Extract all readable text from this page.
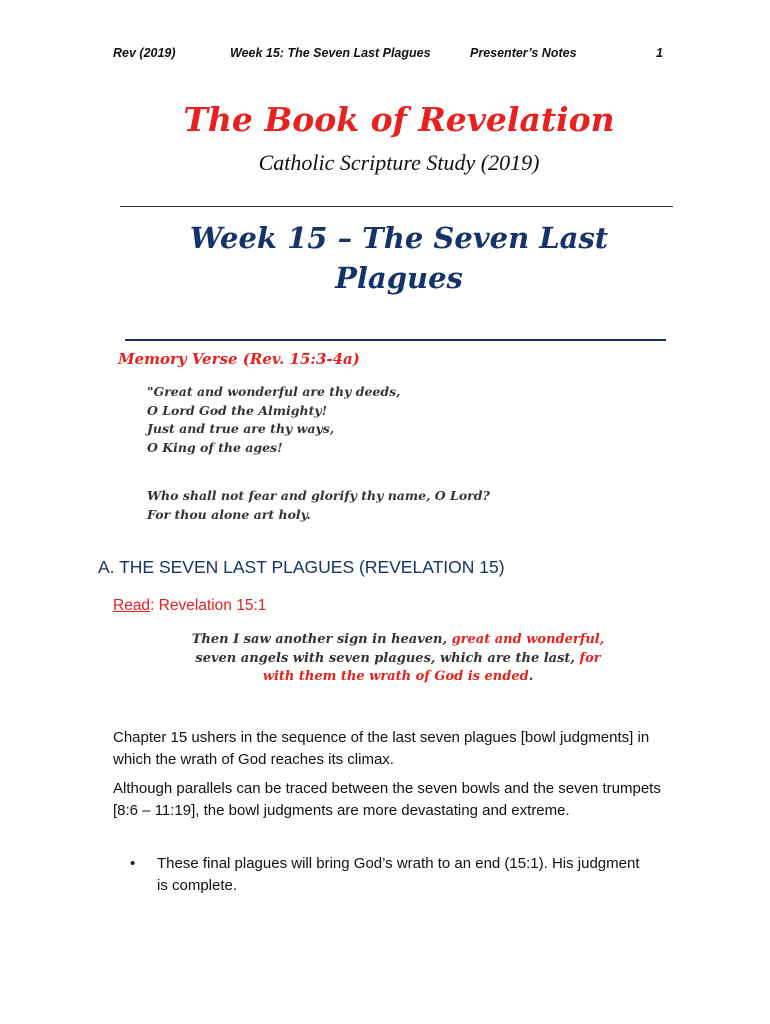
Rev (2019)	Week 15: The Seven Last Plagues	Presenter’s Notes	1
The Book of Revelation
Catholic Scripture Study (2019)
Week 15 – The Seven Last
Plagues
Memory Verse (Rev. 15:3-4a)
"Great and wonderful are thy deeds,
O Lord God the Almighty!
Just and true are thy ways,
O King of the ages!
Who shall not fear and glorify thy name, O Lord?
For thou alone art holy.
A. THE SEVEN LAST PLAGUES (REVELATION 15)
Read: Revelation 15:1
Then I saw another sign in heaven, great and wonderful,
seven angels with seven plagues, which are the last, for
with them the wrath of God is ended.

Chapter 15 ushers in the sequence of the last seven plagues [bowl judgments] in which the wrath of God reaches its climax.

Although parallels can be traced between the seven bowls and the seven trumpets [8:6 – 11:19], the bowl judgments are more devastating and extreme.

• These final plagues will bring God’s wrath to an end (15:1). His judgment is complete.
